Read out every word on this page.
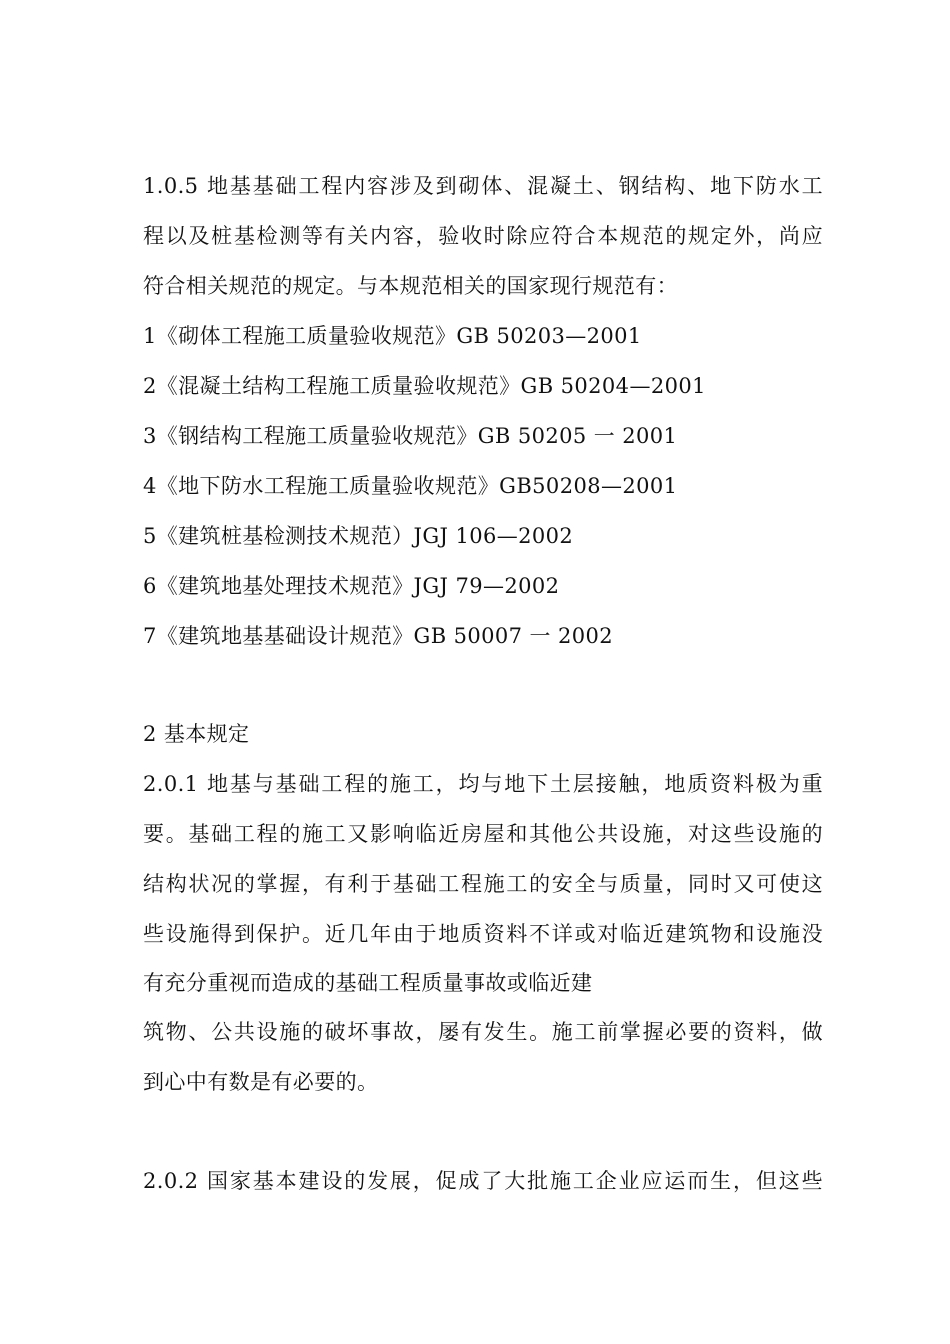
1.0.5 地基基础工程内容涉及到砌体、混凝土、钢结构、地下防水工
程以及桩基检测等有关内容，验收时除应符合本规范的规定外，尚应
符合相关规范的规定。与本规范相关的国家现行规范有：
1《砌体工程施工质量验收规范》GB 50203—2001
2《混凝土结构工程施工质量验收规范》GB 50204—2001
3《钢结构工程施工质量验收规范》GB 50205 一 2001
4《地下防水工程施工质量验收规范》GB50208—2001
5《建筑桩基检测技术规范）JGJ 106—2002
6《建筑地基处理技术规范》JGJ 79—2002
7《建筑地基基础设计规范》GB 50007 一 2002
2 基本规定
2.0.1 地基与基础工程的施工，均与地下土层接触，地质资料极为重
要。基础工程的施工又影响临近房屋和其他公共设施，对这些设施的
结构状况的掌握，有利于基础工程施工的安全与质量，同时又可使这
些设施得到保护。近几年由于地质资料不详或对临近建筑物和设施没
有充分重视而造成的基础工程质量事故或临近建
筑物、公共设施的破坏事故，屡有发生。施工前掌握必要的资料，做
到心中有数是有必要的。
2.0.2 国家基本建设的发展，促成了大批施工企业应运而生，但这些
